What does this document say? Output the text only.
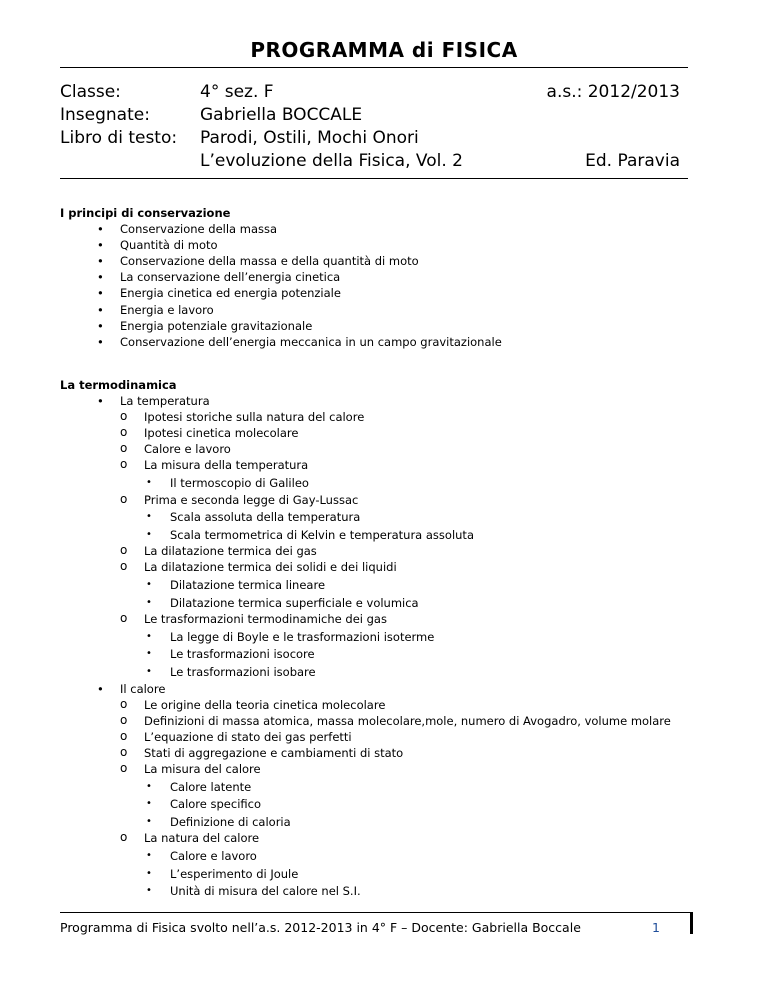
PROGRAMMA di FISICA
Classe:	4° sez. F	a.s.: 2012/2013
Insegnate:	Gabriella BOCCALE
Libro di testo: Parodi, Ostili, Mochi Onori
L’evoluzione della Fisica, Vol. 2	Ed. Paravia
I principi di conservazione
• Conservazione della massa
• Quantità di moto
• Conservazione della massa e della quantità di moto
• La conservazione dell’energia cinetica
• Energia cinetica ed energia potenziale
• Energia e lavoro
• Energia potenziale gravitazionale
• Conservazione dell’energia meccanica in un campo gravitazionale
La termodinamica
• La temperatura
o Ipotesi storiche sulla natura del calore
o Ipotesi cinetica molecolare
o Calore e lavoro
o La misura della temperatura
• Il termoscopio di Galileo
o Prima e seconda legge di Gay-Lussac
• Scala assoluta della temperatura
• Scala termometrica di Kelvin e temperatura assoluta
o La dilatazione termica dei gas
o La dilatazione termica dei solidi e dei liquidi
• Dilatazione termica lineare
• Dilatazione termica superficiale e volumica
o Le trasformazioni termodinamiche dei gas
• La legge di Boyle e le trasformazioni isoterme
• Le trasformazioni isocore
• Le trasformazioni isobare
• Il calore
o Le origine della teoria cinetica molecolare
o Definizioni di massa atomica, massa molecolare,mole, numero di Avogadro, volume molare
o L’equazione di stato dei gas perfetti
o Stati di aggregazione e cambiamenti di stato
o La misura del calore
• Calore latente
• Calore specifico
• Definizione di caloria
o La natura del calore
• Calore e lavoro
• L’esperimento di Joule
• Unità di misura del calore nel S.I.
Programma di Fisica svolto nell’a.s. 2012-2013 in 4° F – Docente: Gabriella Boccale	1
